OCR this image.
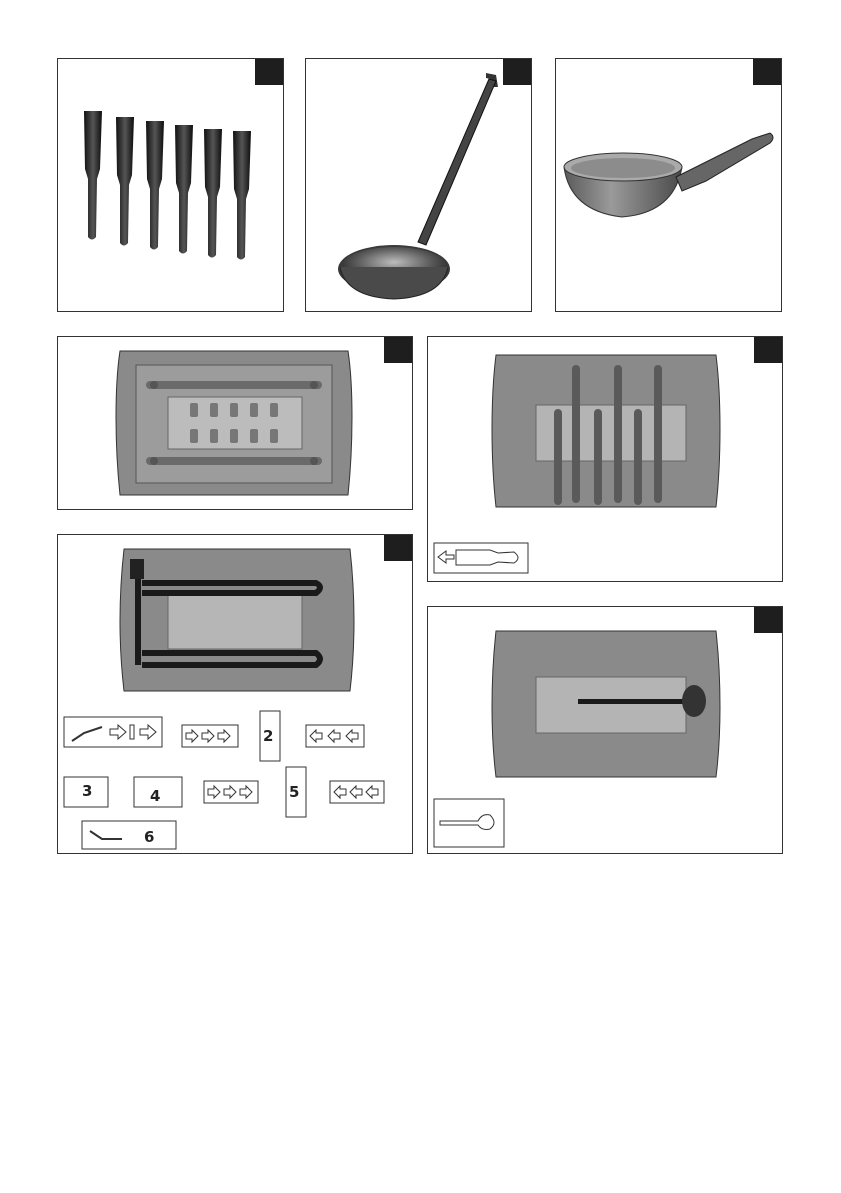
2
3	4	5
6
